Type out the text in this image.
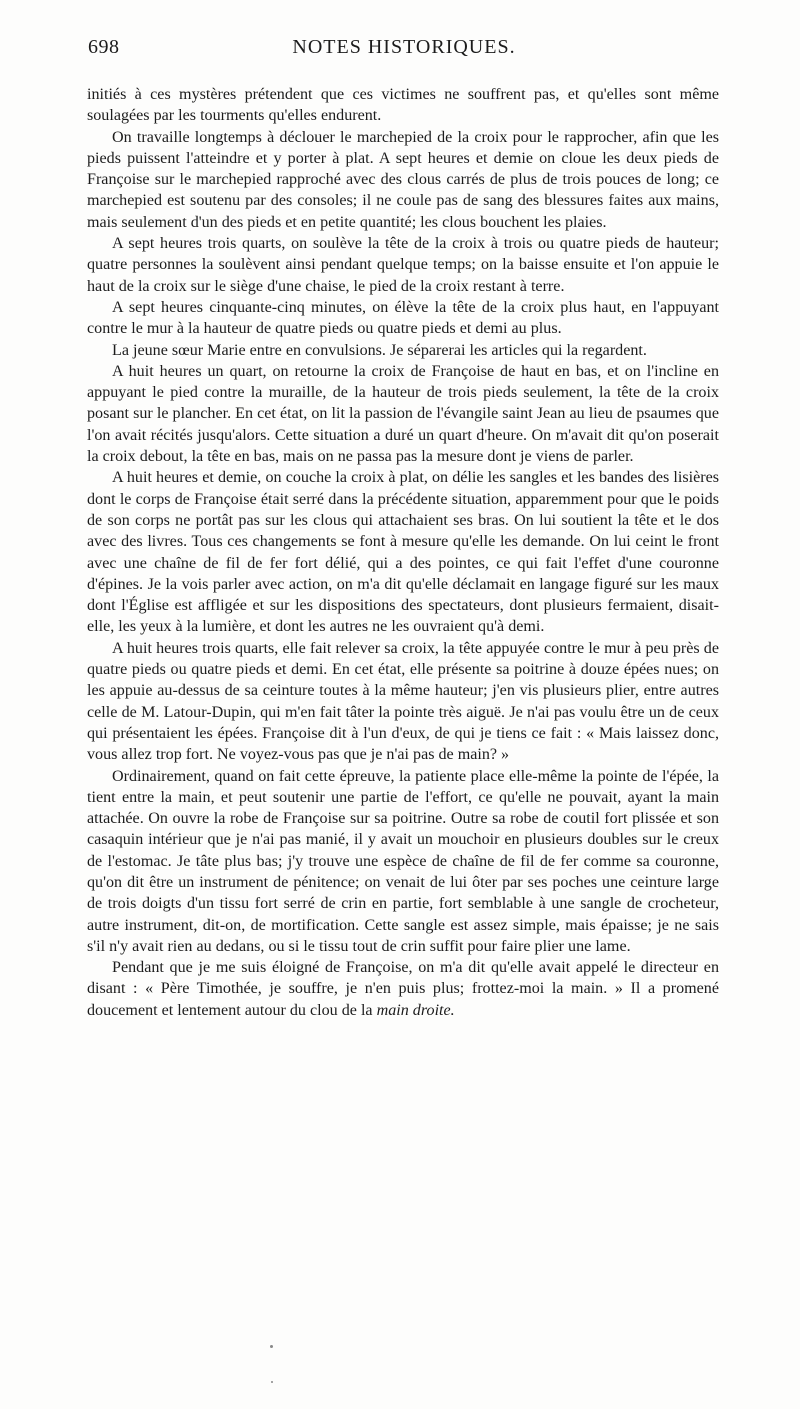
698	NOTES HISTORIQUES.

initiés à ces mystères prétendent que ces victimes ne souffrent pas, et qu'elles sont même soulagées par les tourments qu'elles endurent.

On travaille longtemps à déclouer le marchepied de la croix pour le rapprocher, afin que les pieds puissent l'atteindre et y porter à plat. A sept heures et demie on cloue les deux pieds de Françoise sur le marchepied rapproché avec des clous carrés de plus de trois pouces de long; ce marchepied est soutenu par des consoles; il ne coule pas de sang des blessures faites aux mains, mais seulement d'un des pieds et en petite quantité; les clous bouchent les plaies.

A sept heures trois quarts, on soulève la tête de la croix à trois ou quatre pieds de hauteur; quatre personnes la soulèvent ainsi pendant quelque temps; on la baisse ensuite et l'on appuie le haut de la croix sur le siège d'une chaise, le pied de la croix restant à terre.

A sept heures cinquante-cinq minutes, on élève la tête de la croix plus haut, en l'appuyant contre le mur à la hauteur de quatre pieds ou quatre pieds et demi au plus.

La jeune sœur Marie entre en convulsions. Je séparerai les articles qui la regardent.

A huit heures un quart, on retourne la croix de Françoise de haut en bas, et on l'incline en appuyant le pied contre la muraille, de la hauteur de trois pieds seulement, la tête de la croix posant sur le plancher. En cet état, on lit la passion de l'évangile saint Jean au lieu de psaumes que l'on avait récités jusqu'alors. Cette situation a duré un quart d'heure. On m'avait dit qu'on poserait la croix debout, la tête en bas, mais on ne passa pas la mesure dont je viens de parler.

A huit heures et demie, on couche la croix à plat, on délie les sangles et les bandes des lisières dont le corps de Françoise était serré dans la précédente situation, apparemment pour que le poids de son corps ne portât pas sur les clous qui attachaient ses bras. On lui soutient la tête et le dos avec des livres. Tous ces changements se font à mesure qu'elle les demande. On lui ceint le front avec une chaîne de fil de fer fort délié, qui a des pointes, ce qui fait l'effet d'une couronne d'épines. Je la vois parler avec action, on m'a dit qu'elle déclamait en langage figuré sur les maux dont l'Église est affligée et sur les dispositions des spectateurs, dont plusieurs fermaient, disait-elle, les yeux à la lumière, et dont les autres ne les ouvraient qu'à demi.

A huit heures trois quarts, elle fait relever sa croix, la tête appuyée contre le mur à peu près de quatre pieds ou quatre pieds et demi. En cet état, elle présente sa poitrine à douze épées nues; on les appuie au-dessus de sa ceinture toutes à la même hauteur; j'en vis plusieurs plier, entre autres celle de M. Latour-Dupin, qui m'en fait tâter la pointe très aiguë. Je n'ai pas voulu être un de ceux qui présentaient les épées. Françoise dit à l'un d'eux, de qui je tiens ce fait : « Mais laissez donc, vous allez trop fort. Ne voyez-vous pas que je n'ai pas de main? »

Ordinairement, quand on fait cette épreuve, la patiente place elle-même la pointe de l'épée, la tient entre la main, et peut soutenir une partie de l'effort, ce qu'elle ne pouvait, ayant la main attachée. On ouvre la robe de Françoise sur sa poitrine. Outre sa robe de coutil fort plissée et son casaquin intérieur que je n'ai pas manié, il y avait un mouchoir en plusieurs doubles sur le creux de l'estomac. Je tâte plus bas; j'y trouve une espèce de chaîne de fil de fer comme sa couronne, qu'on dit être un instrument de pénitence; on venait de lui ôter par ses poches une ceinture large de trois doigts d'un tissu fort serré de crin en partie, fort semblable à une sangle de crocheteur, autre instrument, dit-on, de mortification. Cette sangle est assez simple, mais épaisse; je ne sais s'il n'y avait rien au dedans, ou si le tissu tout de crin suffit pour faire plier une lame.

Pendant que je me suis éloigné de Françoise, on m'a dit qu'elle avait appelé le directeur en disant : « Père Timothée, je souffre, je n'en puis plus; frottez-moi la main. » Il a promené doucement et lentement autour du clou de la main droite.
